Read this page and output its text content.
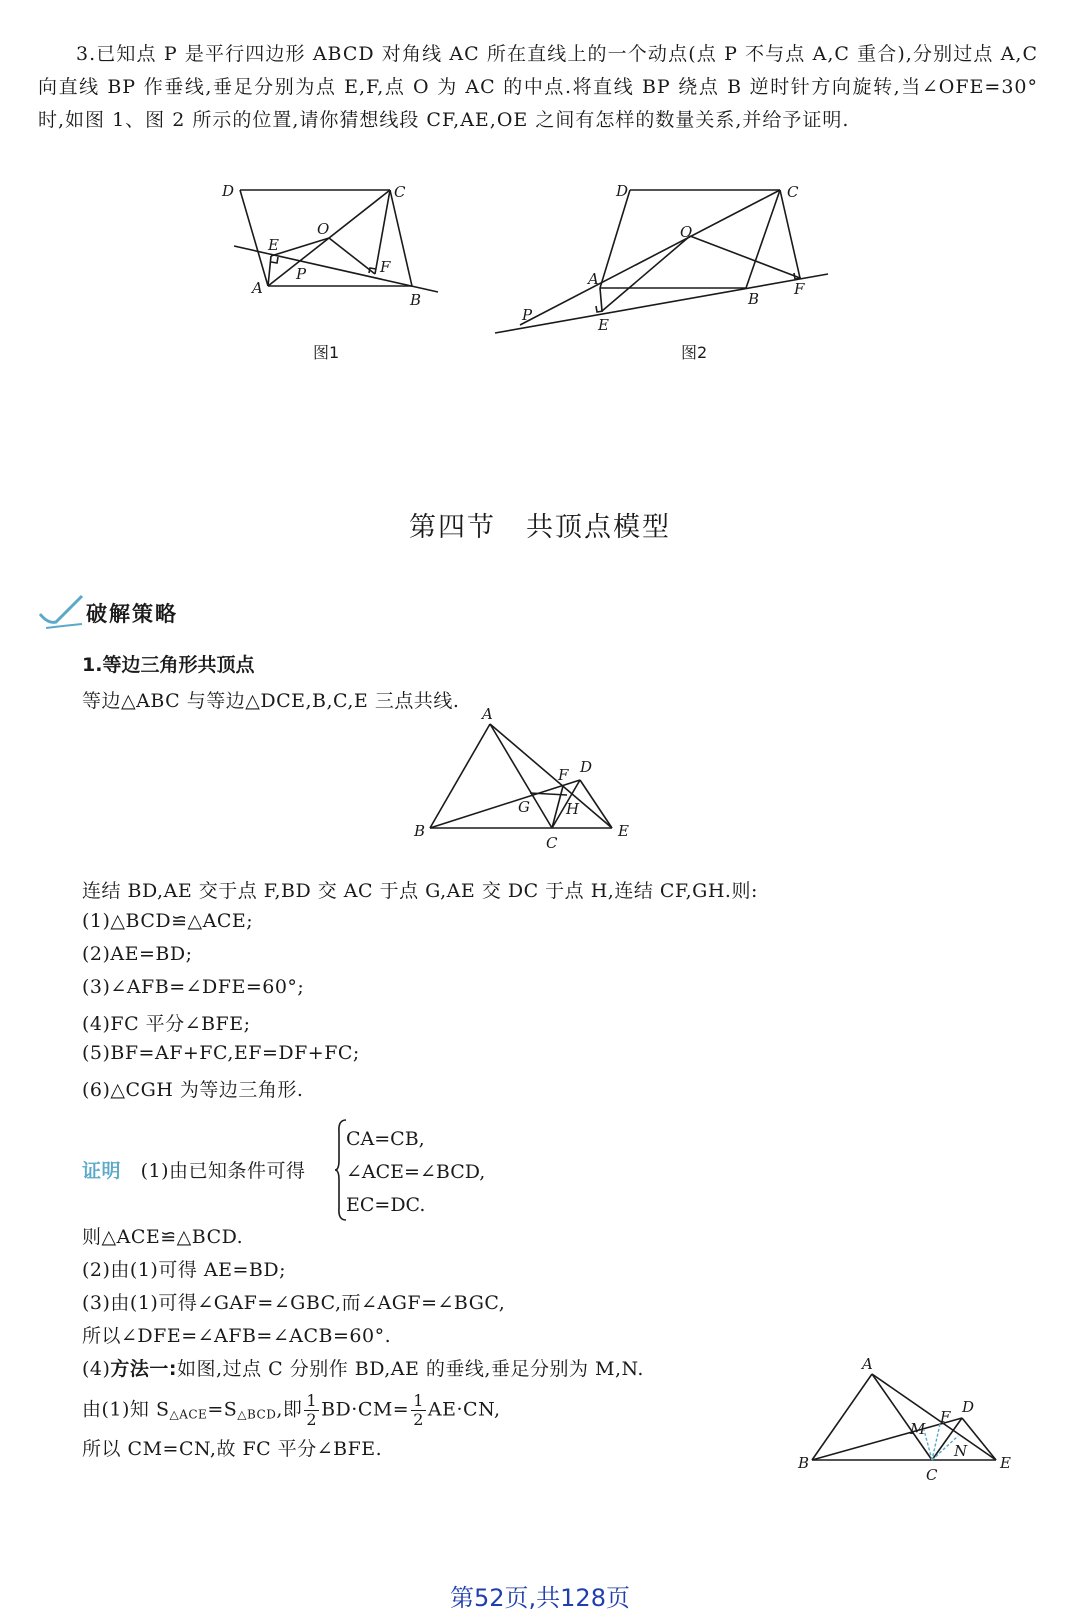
3.已知点 P 是平行四边形 ABCD 对角线 AC 所在直线上的一个动点(点 P 不与点 A,C 重合),分别过点 A,C 向直线 BP 作垂线,垂足分别为点 E,F,点 O 为 AC 的中点.将直线 BP 绕点 B 逆时针方向旋转,当∠OFE=30°时,如图 1、图 2 所示的位置,请你猜想线段 CF,AE,OE 之间有怎样的数量关系,并给予证明.
D	C
O
E
F
P
A
B
图1
D	C
O
A
B
F
P
E
图2
第四节 共顶点模型
破解策略
1.等边三角形共顶点
等边△ABC 与等边△DCE,B,C,E 三点共线.
A
D
F
G H
B
C
E
连结 BD,AE 交于点 F,BD 交 AC 于点 G,AE 交 DC 于点 H,连结 CF,GH.则:
(1)△BCD≌△ACE;
(2)AE=BD;
(3)∠AFB=∠DFE=60°;
(4)FC 平分∠BFE;
(5)BF=AF+FC,EF=DF+FC;
(6)△CGH 为等边三角形.
证明 (1)由已知条件可得
CA=CB,
∠ACE=∠BCD,
EC=DC.
则△ACE≌△BCD.
(2)由(1)可得 AE=BD;
(3)由(1)可得∠GAF=∠GBC,而∠AGF=∠BGC,
所以∠DFE=∠AFB=∠ACB=60°.
(4)方法一:如图,过点 C 分别作 BD,AE 的垂线,垂足分别为 M,N.
由(1)知 $S_{\triangle ACE}=S_{\triangle BCD}$,即 $\frac{1}{2} BD\cdot CM= \frac{1}{2} AE\cdot CN$,
所以 CM=CN,故 FC 平分∠BFE.
A
D
F
M
N
B
C
E
第52页,共128页
